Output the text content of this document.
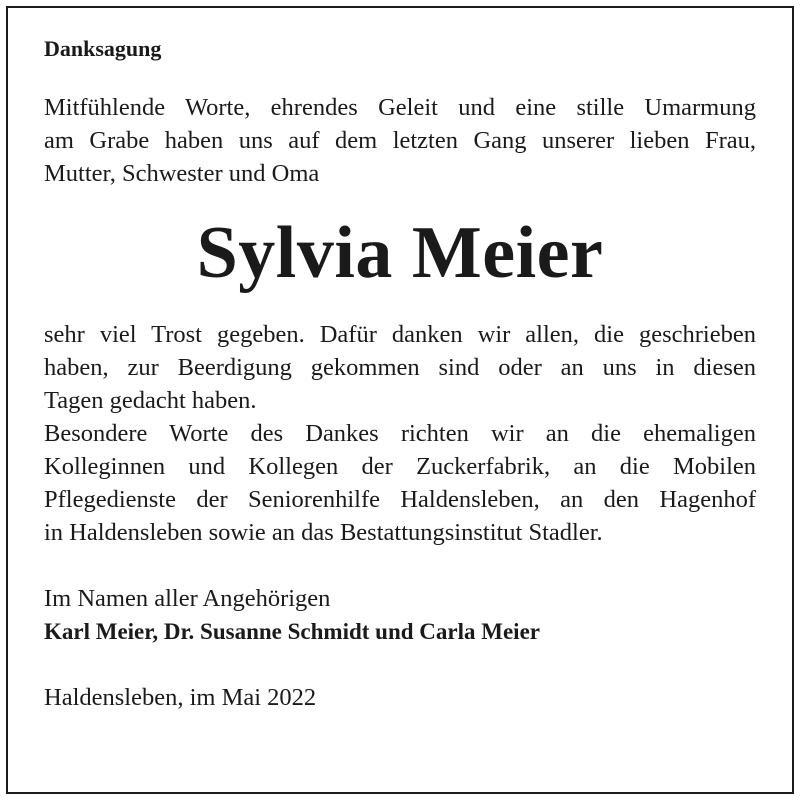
Danksagung

Mitfühlende Worte, ehrendes Geleit und eine stille Umarmung
am Grabe haben uns auf dem letzten Gang unserer lieben Frau,
Mutter, Schwester und Oma

Sylvia Meier

sehr viel Trost gegeben. Dafür danken wir allen, die geschrieben
haben, zur Beerdigung gekommen sind oder an uns in diesen
Tagen gedacht haben.

Besondere Worte des Dankes richten wir an die ehemaligen
Kolleginnen und Kollegen der Zuckerfabrik, an die Mobilen
Pflegedienste der Seniorenhilfe Haldensleben, an den Hagenhof
in Haldensleben sowie an das Bestattungsinstitut Stadler.

Im Namen aller Angehörigen

Karl Meier, Dr. Susanne Schmidt und Carla Meier

Haldensleben, im Mai 2022
